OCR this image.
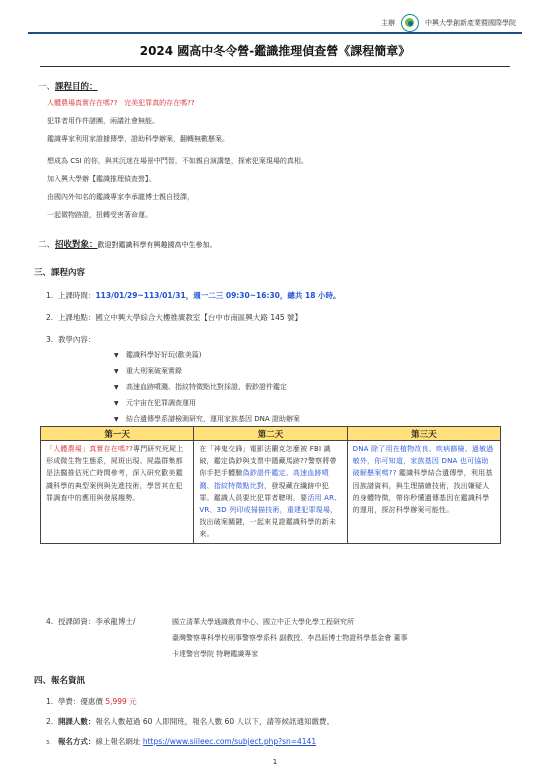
主辦	中興大學創新產業暨國際學院
2024 國高中冬令營-鑑識推理偵查營《課程簡章》
一、課程目的：
人體農場真實存在嗎?? 完美犯罪真的存在嗎??
犯罪者用作件謎團，兩議社會無能。
鑑識專家利用家證據傳學，證助科學辦案，翻轉無數懸案。
想成為 CSI 的你，與其沉迷在場景中鬥智，不如親自演講楚，探索犯案現場的真相。
加入興大學辦【鑑識推理偵查營】。
由國內外知名的鑑識專家李承龍博士親自授課，
一起微物跡證，扭轉受害著命運。
二、招收對象：歡迎對鑑識科學有興趣國高中生參加。
三、課程內容
1. 上課時間：113/01/29~113/01/31，週一二三 09:30~16:30，總共 18 小時。
2. 上課地點：國立中興大學綜合大樓推廣教室【台中市南區興大路 145 號】
3. 教學內容：
▼ 鑑識科學好好玩(歡美篇)
▼ 重大刑案破案實錄
▼ 高速血跡噴濺、指紋特徵點比對採證、假鈔證件鑑定
▼ 元宇宙在犯罪調查運用
▼ 結合遺傳學系譜檢測研究，運用家族基因 DNA 證助辦案
第一天	第二天	第三天
「人體農場」真實存在嗎??專門研究死屍上形成微生物生態系，屍斑出現、屍蟲群集都是法醫推估死亡時間參考，深入研究歡美鑑識科學的典型案例與先進技術，學習其在犯罪調查中的應用與發展趨勢。	在「神鬼交鋒」電影法蘭克怎麼被 FBI 識破，鑑定偽鈔與支票中隱藏馬跡??警察將帶你手把手體驗偽鈔證件鑑定、高速血跡噴濺、指紋特徵點比對，發現藏在纖跡中犯罪。鑑識人員要比犯罪者聰明，要活用 AR、VR、3D 列印或掃描技術，重建犯罪現場，找出破案關鍵，一起來見證鑑識科學的新未來。	DNA 除了用在植物改良、疾病篩檢、過敏過敏外，你可知道，家族基因 DNA 也可協助破解懸案嗎?? 鑑識科學結合遺傳學，利用基因族譜資料，與生理描繪技術，找出嫌疑人的身體特徵，帶你秒懂遺傳基因在鑑識科學的運用，探討科學辦案可能性。
4. 授課師資：李承龍博士/	國立清華大學通識教育中心、國立中正大學化學工程研究所
臺灣警察專科學校刑事警察學系科 副教授、李昌鈺博士物證科學基金會 董事
卡達警官學院 特聘鑑識專家
四、報名資訊
1. 學費：優惠價 5,999 元
2. 開課人數：報名人數超過 60 人即開班，報名人數 60 人以下，請等候訊通知繳費。
3. 報名方式：線上報名網址 https://www.siileec.com/subject.php?sn=4141
1
